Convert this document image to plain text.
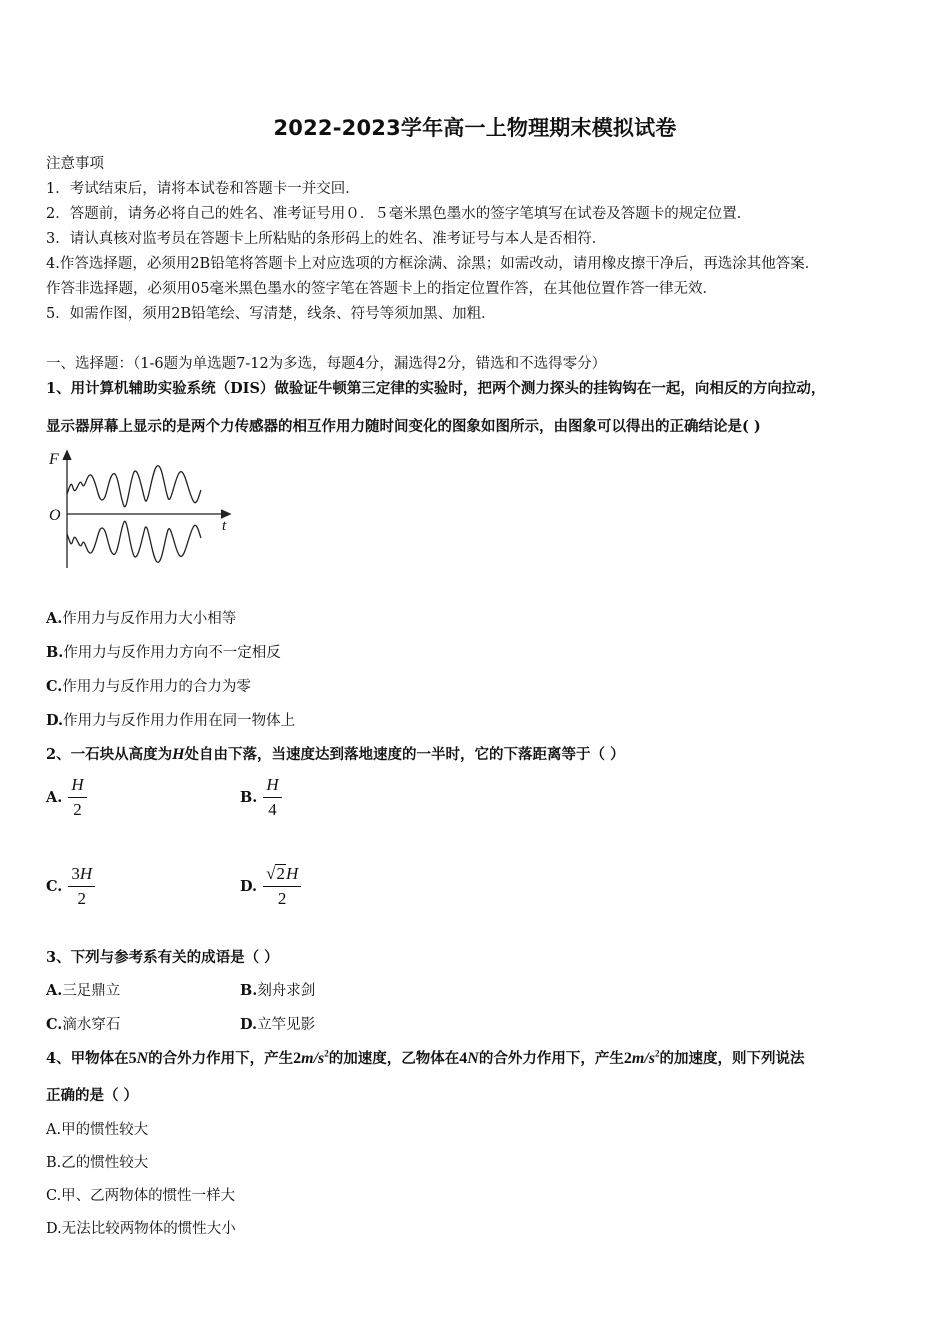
2022-2023学年高一上物理期末模拟试卷
注意事项
1．考试结束后，请将本试卷和答题卡一并交回．
2．答题前，请务必将自己的姓名、准考证号用０．５毫米黑色墨水的签字笔填写在试卷及答题卡的规定位置．
3．请认真核对监考员在答题卡上所粘贴的条形码上的姓名、准考证号与本人是否相符．
4.作答选择题，必须用2B铅笔将答题卡上对应选项的方框涂满、涂黑；如需改动，请用橡皮擦干净后，再选涂其他答案．
作答非选择题，必须用05毫米黑色墨水的签字笔在答题卡上的指定位置作答，在其他位置作答一律无效．
5．如需作图，须用2B铅笔绘、写清楚，线条、符号等须加黑、加粗．
一、选择题：（1-6题为单选题7-12为多选，每题4分，漏选得2分，错选和不选得零分）
1、用计算机辅助实验系统（DIS）做验证牛顿第三定律的实验时，把两个测力探头的挂钩钩在一起，向相反的方向拉动，
显示器屏幕上显示的是两个力传感器的相互作用力随时间变化的图象如图所示，由图象可以得出的正确结论是( )
F
O
t
A.作用力与反作用力大小相等
B.作用力与反作用力方向不一定相反
C.作用力与反作用力的合力为零
D.作用力与反作用力作用在同一物体上
2、一石块从高度为H处自由下落，当速度达到落地速度的一半时，它的下落距离等于（ ）
A. $\frac{H}{2}$	B. $\frac{H}{4}$
C. $\frac{3H}{2}$	D. $\frac{√2H}{2}$
3、下列与参考系有关的成语是（ ）
A.三足鼎立	B.刻舟求剑
C.滴水穿石	D.立竿见影
4、甲物体在5N的合外力作用下，产生$2m/s^2$的加速度，乙物体在4N的合外力作用下，产生$2m/s^2$的加速度，则下列说法
正确的是（ ）
A.甲的惯性较大
B.乙的惯性较大
C.甲、乙两物体的惯性一样大
D.无法比较两物体的惯性大小
